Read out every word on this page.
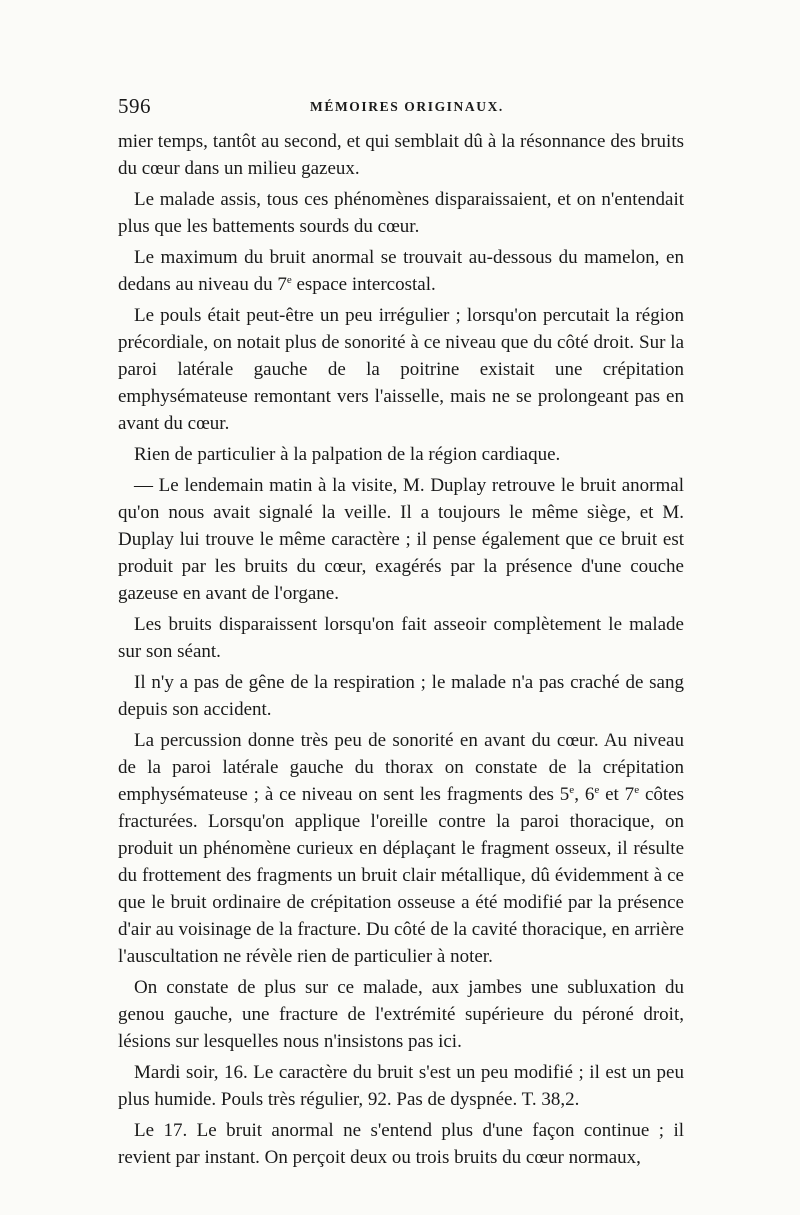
596	MÉMOIRES ORIGINAUX.

mier temps, tantôt au second, et qui semblait dû à la résonnance des bruits du cœur dans un milieu gazeux.

Le malade assis, tous ces phénomènes disparaissaient, et on n'entendait plus que les battements sourds du cœur.

Le maximum du bruit anormal se trouvait au-dessous du mamelon, en dedans au niveau du 7e espace intercostal.

Le pouls était peut-être un peu irrégulier ; lorsqu'on percutait la région précordiale, on notait plus de sonorité à ce niveau que du côté droit. Sur la paroi latérale gauche de la poitrine existait une crépitation emphysémateuse remontant vers l'aisselle, mais ne se prolongeant pas en avant du cœur.

Rien de particulier à la palpation de la région cardiaque.

— Le lendemain matin à la visite, M. Duplay retrouve le bruit anormal qu'on nous avait signalé la veille. Il a toujours le même siège, et M. Duplay lui trouve le même caractère ; il pense également que ce bruit est produit par les bruits du cœur, exagérés par la présence d'une couche gazeuse en avant de l'organe.

Les bruits disparaissent lorsqu'on fait asseoir complètement le malade sur son séant.

Il n'y a pas de gêne de la respiration ; le malade n'a pas craché de sang depuis son accident.

La percussion donne très peu de sonorité en avant du cœur. Au niveau de la paroi latérale gauche du thorax on constate de la crépitation emphysémateuse ; à ce niveau on sent les fragments des 5e, 6e et 7e côtes fracturées. Lorsqu'on applique l'oreille contre la paroi thoracique, on produit un phénomène curieux en déplaçant le fragment osseux, il résulte du frottement des fragments un bruit clair métallique, dû évidemment à ce que le bruit ordinaire de crépitation osseuse a été modifié par la présence d'air au voisinage de la fracture. Du côté de la cavité thoracique, en arrière l'auscultation ne révèle rien de particulier à noter.

On constate de plus sur ce malade, aux jambes une subluxation du genou gauche, une fracture de l'extrémité supérieure du péroné droit, lésions sur lesquelles nous n'insistons pas ici.

Mardi soir, 16. Le caractère du bruit s'est un peu modifié ; il est un peu plus humide. Pouls très régulier, 92. Pas de dyspnée. T. 38,2.

Le 17. Le bruit anormal ne s'entend plus d'une façon continue ; il revient par instant. On perçoit deux ou trois bruits du cœur normaux,
